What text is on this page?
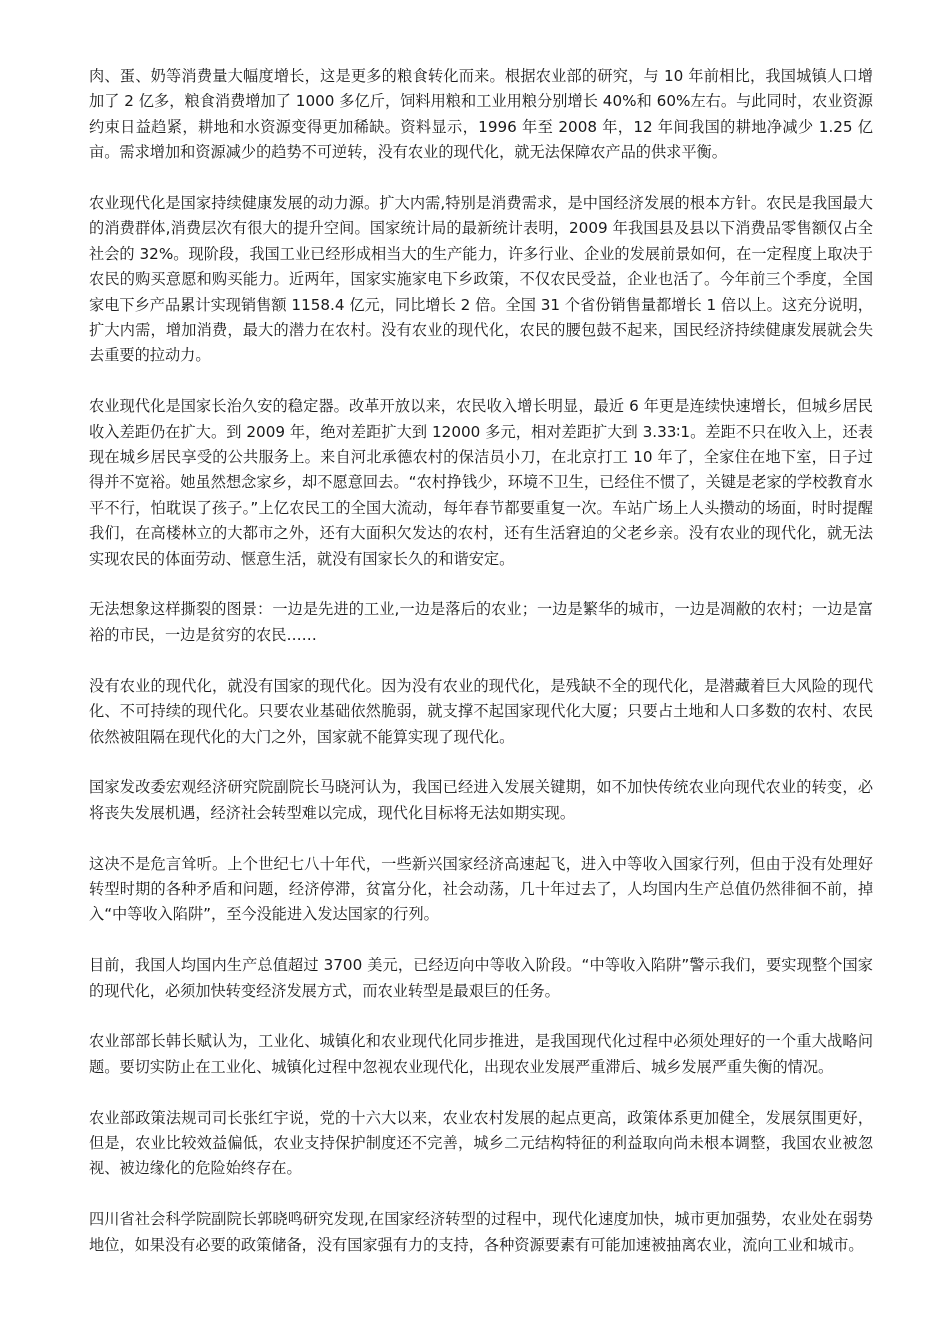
肉、蛋、奶等消费量大幅度增长，这是更多的粮食转化而来。根据农业部的研究，与 10 年前相比，我国城镇人口增加了 2 亿多，粮食消费增加了 1000 多亿斤，饲料用粮和工业用粮分别增长 40%和 60%左右。与此同时，农业资源约束日益趋紧，耕地和水资源变得更加稀缺。资料显示，1996 年至 2008 年，12 年间我国的耕地净减少 1.25 亿亩。需求增加和资源减少的趋势不可逆转，没有农业的现代化，就无法保障农产品的供求平衡。

农业现代化是国家持续健康发展的动力源。扩大内需,特别是消费需求，是中国经济发展的根本方针。农民是我国最大的消费群体,消费层次有很大的提升空间。国家统计局的最新统计表明，2009 年我国县及县以下消费品零售额仅占全社会的 32%。现阶段，我国工业已经形成相当大的生产能力，许多行业、企业的发展前景如何，在一定程度上取决于农民的购买意愿和购买能力。近两年，国家实施家电下乡政策，不仅农民受益，企业也活了。今年前三个季度，全国家电下乡产品累计实现销售额 1158.4 亿元，同比增长 2 倍。全国 31 个省份销售量都增长 1 倍以上。这充分说明，扩大内需，增加消费，最大的潜力在农村。没有农业的现代化，农民的腰包鼓不起来，国民经济持续健康发展就会失去重要的拉动力。

农业现代化是国家长治久安的稳定器。改革开放以来，农民收入增长明显，最近 6 年更是连续快速增长，但城乡居民收入差距仍在扩大。到 2009 年，绝对差距扩大到 12000 多元，相对差距扩大到 3.33∶1。差距不只在收入上，还表现在城乡居民享受的公共服务上。来自河北承德农村的保洁员小刀，在北京打工 10 年了，全家住在地下室，日子过得并不宽裕。她虽然想念家乡，却不愿意回去。“农村挣钱少，环境不卫生，已经住不惯了，关键是老家的学校教育水平不行，怕耽误了孩子。”上亿农民工的全国大流动，每年春节都要重复一次。车站广场上人头攒动的场面，时时提醒我们，在高楼林立的大都市之外，还有大面积欠发达的农村，还有生活窘迫的父老乡亲。没有农业的现代化，就无法实现农民的体面劳动、惬意生活，就没有国家长久的和谐安定。

无法想象这样撕裂的图景：一边是先进的工业,一边是落后的农业；一边是繁华的城市，一边是凋敝的农村；一边是富裕的市民，一边是贫穷的农民……

没有农业的现代化，就没有国家的现代化。因为没有农业的现代化，是残缺不全的现代化，是潜藏着巨大风险的现代化、不可持续的现代化。只要农业基础依然脆弱，就支撑不起国家现代化大厦；只要占土地和人口多数的农村、农民依然被阻隔在现代化的大门之外，国家就不能算实现了现代化。

国家发改委宏观经济研究院副院长马晓河认为，我国已经进入发展关键期，如不加快传统农业向现代农业的转变，必将丧失发展机遇，经济社会转型难以完成，现代化目标将无法如期实现。

这决不是危言耸听。上个世纪七八十年代，一些新兴国家经济高速起飞，进入中等收入国家行列，但由于没有处理好转型时期的各种矛盾和问题，经济停滞，贫富分化，社会动荡，几十年过去了，人均国内生产总值仍然徘徊不前，掉入“中等收入陷阱”，至今没能进入发达国家的行列。

目前，我国人均国内生产总值超过 3700 美元，已经迈向中等收入阶段。“中等收入陷阱”警示我们，要实现整个国家的现代化，必须加快转变经济发展方式，而农业转型是最艰巨的任务。

农业部部长韩长赋认为，工业化、城镇化和农业现代化同步推进，是我国现代化过程中必须处理好的一个重大战略问题。要切实防止在工业化、城镇化过程中忽视农业现代化，出现农业发展严重滞后、城乡发展严重失衡的情况。

农业部政策法规司司长张红宇说，党的十六大以来，农业农村发展的起点更高，政策体系更加健全，发展氛围更好，但是，农业比较效益偏低，农业支持保护制度还不完善，城乡二元结构特征的利益取向尚未根本调整，我国农业被忽视、被边缘化的危险始终存在。

四川省社会科学院副院长郭晓鸣研究发现,在国家经济转型的过程中，现代化速度加快，城市更加强势，农业处在弱势地位，如果没有必要的政策储备，没有国家强有力的支持，各种资源要素有可能加速被抽离农业，流向工业和城市。
